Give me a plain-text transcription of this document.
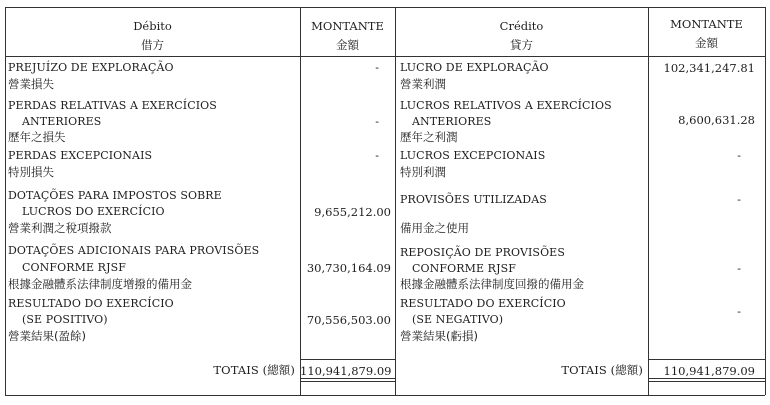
Débito
借方
MONTANTE
金額
Crédito
貸方
MONTANTE
金額
PREJUÍZO DE EXPLORAÇÃO
營業損失
-
PERDAS RELATIVAS A EXERCÍCIOS
ANTERIORES
歷年之損失
-
PERDAS EXCEPCIONAIS
特別損失
-
DOTAÇÕES PARA IMPOSTOS SOBRE
LUCROS DO EXERCÍCIO
營業利潤之稅項撥款
9,655,212.00
DOTAÇÕES ADICIONAIS PARA PROVISÕES
CONFORME RJSF
根據金融體系法律制度增撥的備用金
30,730,164.09
RESULTADO DO EXERCÍCIO
(SE POSITIVO)
營業結果(盈餘)
70,556,503.00
LUCRO DE EXPLORAÇÃO
營業利潤
102,341,247.81
LUCROS RELATIVOS A EXERCÍCIOS
ANTERIORES
歷年之利潤
8,600,631.28
LUCROS EXCEPCIONAIS
特別利潤
-
PROVISÕES UTILIZADAS
備用金之使用
-
REPOSIÇÃO DE PROVISÕES
CONFORME RJSF
根據金融體系法律制度回撥的備用金
-
RESULTADO DO EXERCÍCIO
(SE NEGATIVO)
營業結果(虧損)
-
TOTAIS (總額) 110,941,879.09	TOTAIS (總額)	110,941,879.09
